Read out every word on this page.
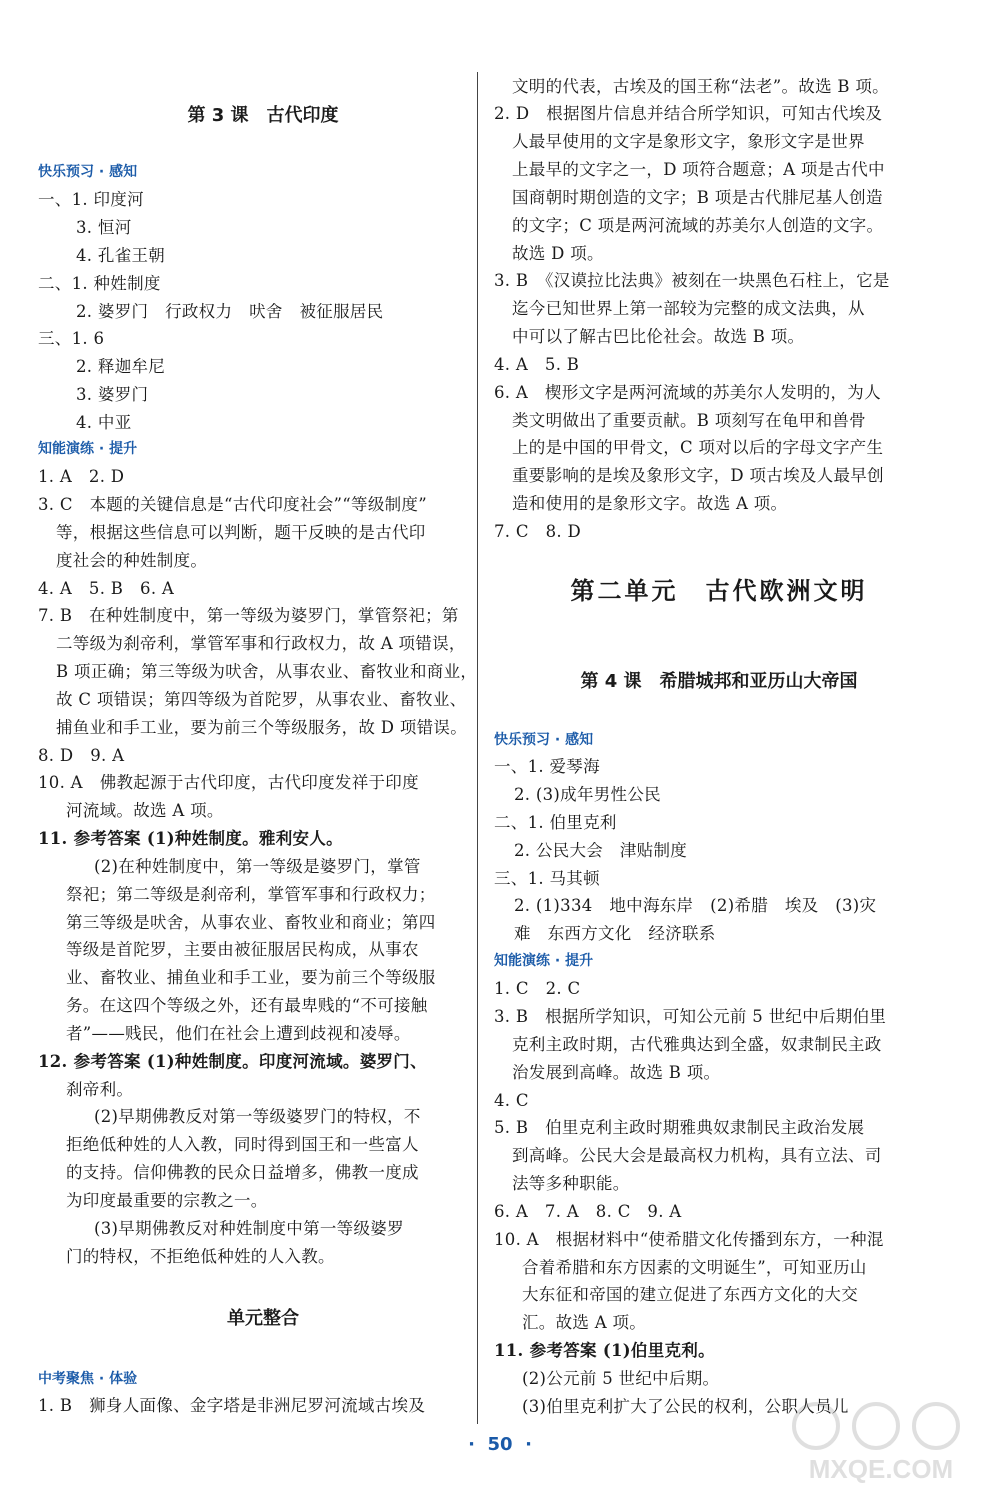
第 3 课　古代印度
快乐预习 · 感知
一、1. 印度河
3. 恒河
4. 孔雀王朝
二、1. 种姓制度
2. 婆罗门　行政权力　吠舍　被征服居民
三、1. 6
2. 释迦牟尼
3. 婆罗门
4. 中亚
知能演练 · 提升
1. A　2. D
3. C　本题的关键信息是“古代印度社会”“等级制度”
等，根据这些信息可以判断，题干反映的是古代印
度社会的种姓制度。
4. A　5. B　6. A
7. B　在种姓制度中，第一等级为婆罗门，掌管祭祀；第
二等级为刹帝利，掌管军事和行政权力，故 A 项错误，
B 项正确；第三等级为吠舍，从事农业、畜牧业和商业，
故 C 项错误；第四等级为首陀罗，从事农业、畜牧业、
捕鱼业和手工业，要为前三个等级服务，故 D 项错误。
8. D　9. A
10. A　佛教起源于古代印度，古代印度发祥于印度
河流域。故选 A 项。
11. 参考答案 (1)种姓制度。雅利安人。
(2)在种姓制度中，第一等级是婆罗门，掌管
祭祀；第二等级是刹帝利，掌管军事和行政权力；
第三等级是吠舍，从事农业、畜牧业和商业；第四
等级是首陀罗，主要由被征服居民构成，从事农
业、畜牧业、捕鱼业和手工业，要为前三个等级服
务。在这四个等级之外，还有最卑贱的“不可接触
者”——贱民，他们在社会上遭到歧视和凌辱。
12. 参考答案 (1)种姓制度。印度河流域。婆罗门、
刹帝利。
(2)早期佛教反对第一等级婆罗门的特权，不
拒绝低种姓的人入教，同时得到国王和一些富人
的支持。信仰佛教的民众日益增多，佛教一度成
为印度最重要的宗教之一。
(3)早期佛教反对种姓制度中第一等级婆罗
门的特权，不拒绝低种姓的人入教。
单元整合
中考聚焦 · 体验
1. B　狮身人面像、金字塔是非洲尼罗河流域古埃及
文明的代表，古埃及的国王称“法老”。故选 B 项。
2. D　根据图片信息并结合所学知识，可知古代埃及
人最早使用的文字是象形文字，象形文字是世界
上最早的文字之一，D 项符合题意；A 项是古代中
国商朝时期创造的文字；B 项是古代腓尼基人创造
的文字；C 项是两河流域的苏美尔人创造的文字。
故选 D 项。
3. B　《汉谟拉比法典》被刻在一块黑色石柱上，它是
迄今已知世界上第一部较为完整的成文法典，从
中可以了解古巴比伦社会。故选 B 项。
4. A　5. B
6. A　楔形文字是两河流域的苏美尔人发明的，为人
类文明做出了重要贡献。B 项刻写在龟甲和兽骨
上的是中国的甲骨文，C 项对以后的字母文字产生
重要影响的是埃及象形文字，D 项古埃及人最早创
造和使用的是象形文字。故选 A 项。
7. C　8. D
第二单元　古代欧洲文明
第 4 课　希腊城邦和亚历山大帝国
快乐预习 · 感知
一、1. 爱琴海
2. (3)成年男性公民
二、1. 伯里克利
2. 公民大会　津贴制度
三、1. 马其顿
2. (1)334　地中海东岸　(2)希腊　埃及　(3)灾
难　东西方文化　经济联系
知能演练 · 提升
1. C　2. C
3. B　根据所学知识，可知公元前 5 世纪中后期伯里
克利主政时期，古代雅典达到全盛，奴隶制民主政
治发展到高峰。故选 B 项。
4. C
5. B　伯里克利主政时期雅典奴隶制民主政治发展
到高峰。公民大会是最高权力机构，具有立法、司
法等多种职能。
6. A　7. A　8. C　9. A
10. A　根据材料中“使希腊文化传播到东方，一种混
合着希腊和东方因素的文明诞生”，可知亚历山
大东征和帝国的建立促进了东西方文化的大交
汇。故选 A 项。
11. 参考答案 (1)伯里克利。
(2)公元前 5 世纪中后期。
(3)伯里克利扩大了公民的权利，公职人员儿
· 50 ·
MXQE.COM
